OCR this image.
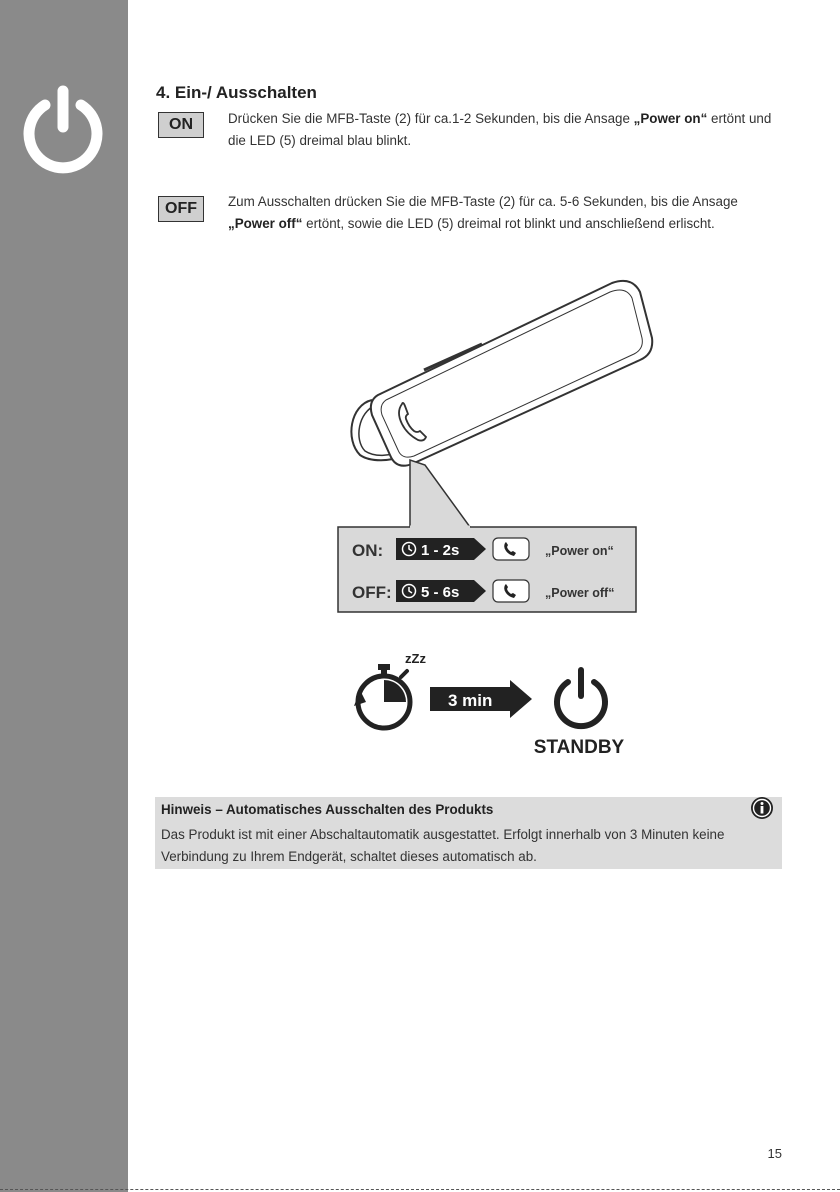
4. Ein-/ Ausschalten
ON	Drücken Sie die MFB-Taste (2) für ca.1-2 Sekunden, bis die Ansage „Power on“ ertönt und die LED (5) dreimal blau blinkt.
OFF	Zum Ausschalten drücken Sie die MFB-Taste (2) für ca. 5-6 Sekunden, bis die Ansage „Power off“ ertönt, sowie die LED (5) dreimal rot blinkt und anschließend erlischt.
ON:	1 - 2s	„Power on“
OFF: 5 - 6s	„Power off“
zZz
3 min
STANDBY
Hinweis – Automatisches Ausschalten des Produkts
Das Produkt ist mit einer Abschaltautomatik ausgestattet. Erfolgt innerhalb von 3 Minuten keine Verbindung zu Ihrem Endgerät, schaltet dieses automatisch ab.
15
